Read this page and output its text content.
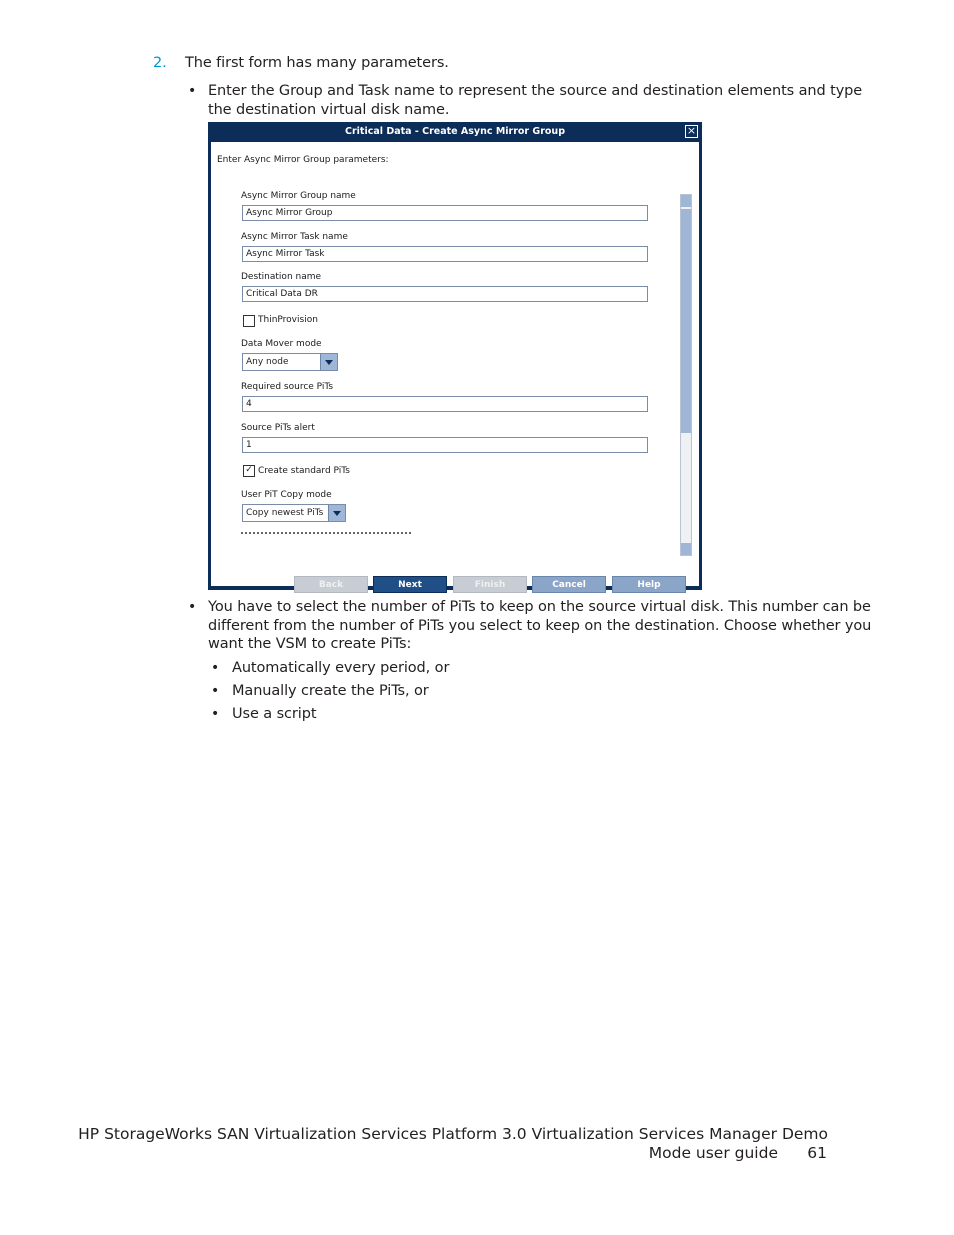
2. The first form has many parameters.
• Enter the Group and Task name to represent the source and destination elements and type
the destination virtual disk name.
Critical Data - Create Async Mirror Group	×
Enter Async Mirror Group parameters:
Async Mirror Group name
Async Mirror Group
Async Mirror Task name
Async Mirror Task
Destination name
Critical Data DR
ThinProvision
Data Mover mode
Any node
Required source PiTs
4
Source PiTs alert
1
✓ Create standard PiTs
User PiT Copy mode
Copy newest PiTs
Back	Next	Finish	Cancel	Help
• You have to select the number of PiTs to keep on the source virtual disk. This number can be
different from the number of PiTs you select to keep on the destination. Choose whether you
want the VSM to create PiTs:
• Automatically every period, or
• Manually create the PiTs, or
• Use a script
HP StorageWorks SAN Virtualization Services Platform 3.0 Virtualization Services Manager Demo
Mode user guide 61
